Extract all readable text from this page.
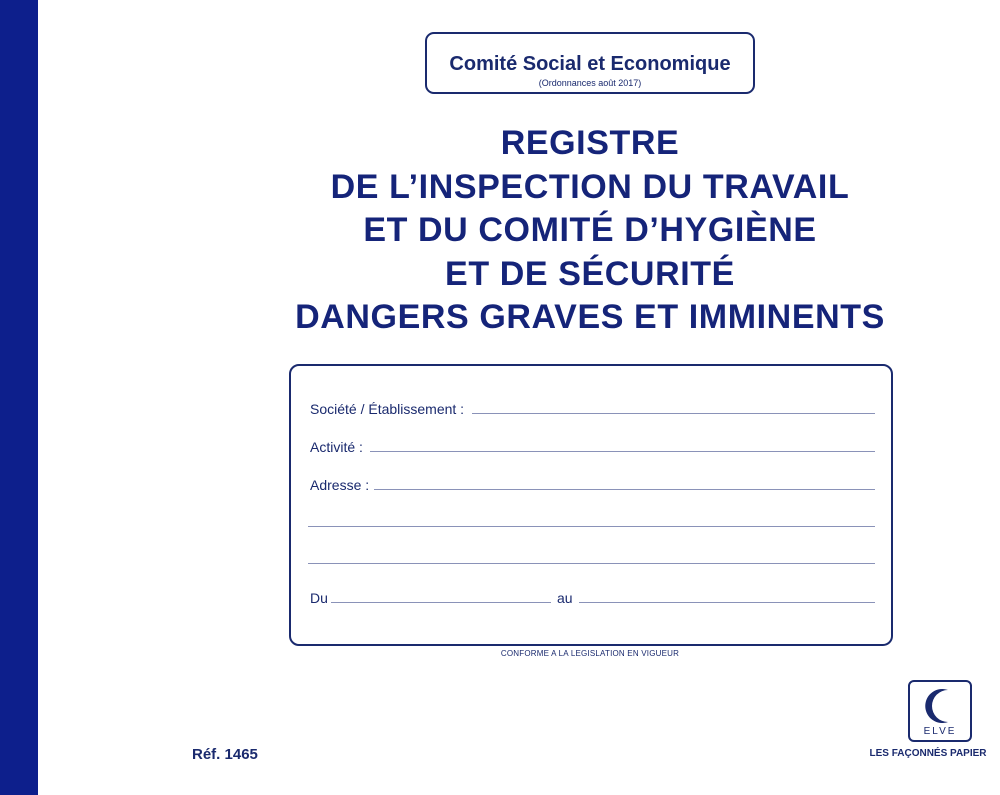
Comité Social et Economique
(Ordonnances août 2017)
REGISTRE
DE L’INSPECTION DU TRAVAIL
ET DU COMITÉ D’HYGIÈNE
ET DE SÉCURITÉ
DANGERS GRAVES ET IMMINENTS
Société / Établissement :
Activité :
Adresse :
Du	au
CONFORME A LA LEGISLATION EN VIGUEUR
Réf. 1465
ELVE
LES FAÇONNÉS PAPIER
